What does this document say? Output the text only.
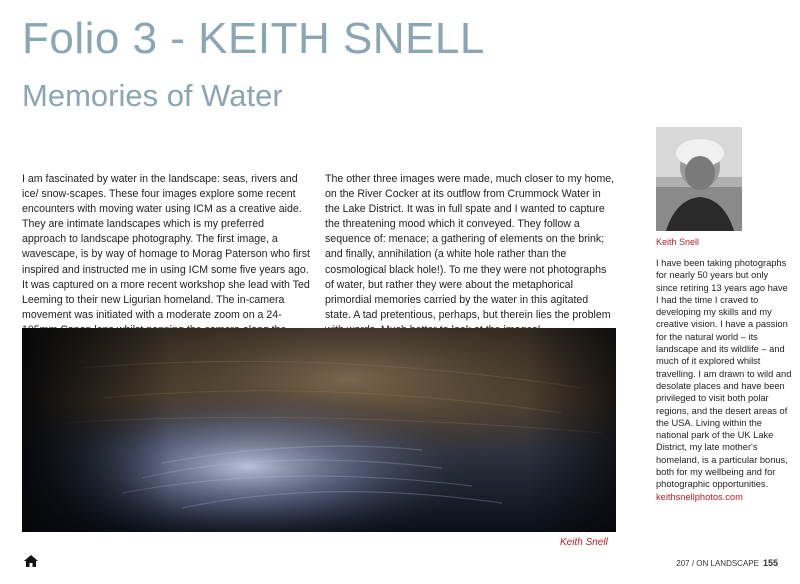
Folio 3 - KEITH SNELL
Memories of Water
I am fascinated by water in the landscape: seas, rivers and ice/ snow-scapes. These four images explore some recent encounters with moving water using ICM as a creative aide. They are intimate landscapes which is my preferred approach to landscape photography. The first image, a wavescape, is by way of homage to Morag Paterson who first inspired and instructed me in using ICM some five years ago. It was captured on a more recent workshop she lead with Ted Leeming to their new Ligurian homeland. The in-camera movement was initiated with a moderate zoom on a 24-
The other three images were made, much closer to my home, on the River Cocker at its outflow from Crummock Water in the Lake District. It was in full spate and I wanted to capture the threatening mood which it conveyed. They follow a sequence of: menace; a gathering of elements on the brink; and finally, annihilation (a white hole rather than the cosmological black hole!). To me they were not photographs of water, but rather they were about the metaphorical primordial memories carried by the water in this agitated state. A tad pretentious, perhaps, but therein lies the problem
Keith Snell
Keith Snell
I have been taking photographs for nearly 50 years but only since retiring 13 years ago have I had the time I craved to developing my skills and my creative vision. I have a passion for the natural world – its landscape and its wildlife – and much of it explored whilst travelling. I am drawn to wild and desolate places and have been privileged to visit both polar regions, and the desert areas of the USA. Living within the national park of the UK Lake District, my late mother's homeland, is a particular bonus, both for my wellbeing and for photographic opportunities.
keithsnellphotos.com
207 / ON LANDSCAPE 155
